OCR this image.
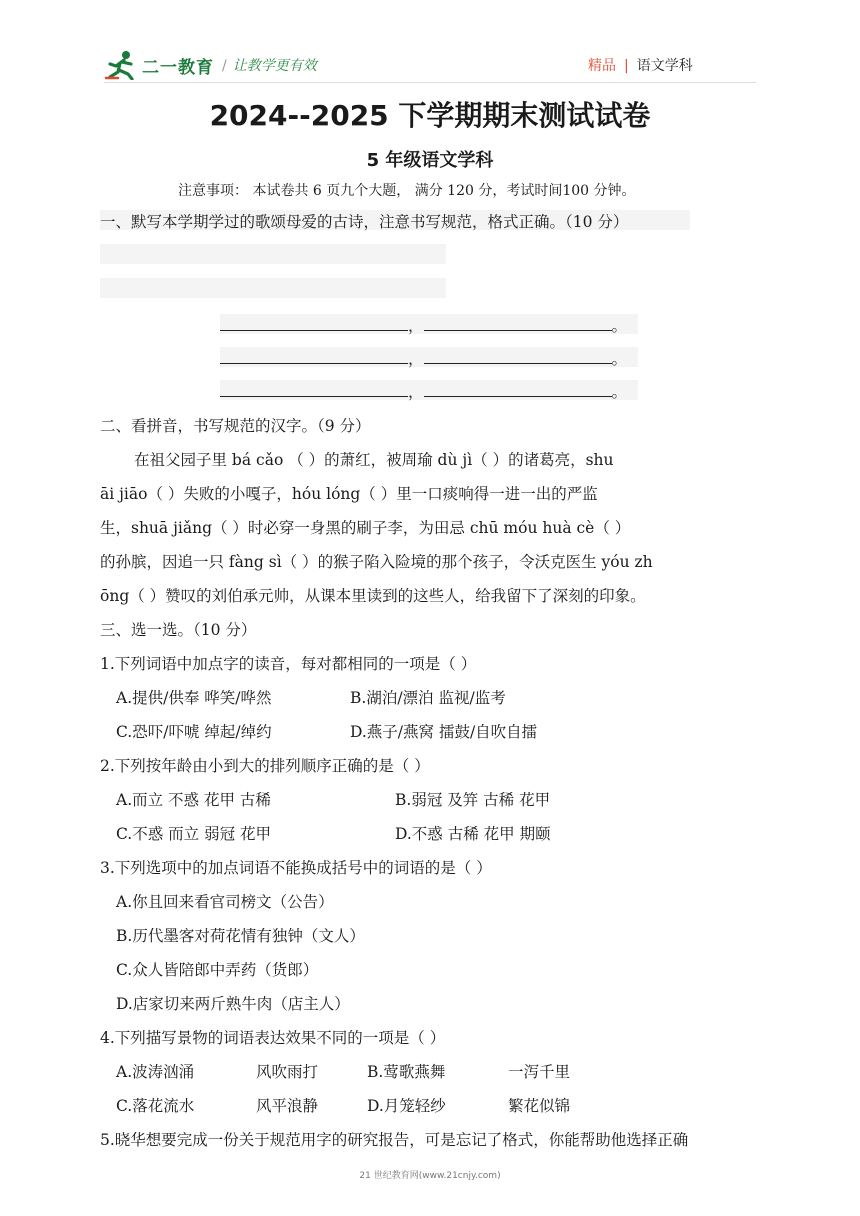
二一教育 / 让教学更有效	精品 | 语文学科
2024--2025 下学期期末测试试卷
5 年级语文学科
注意事项： 本试卷共 6 页九个大题， 满分 120 分，考试时间100 分钟。
一、默写本学期学过的歌颂母爱的古诗，注意书写规范，格式正确。（10 分）
，	。
，	。
，	。
二、看拼音，书写规范的汉字。（9 分）
在祖父园子里 bá cǎo （ ）的萧红，被周瑜 dù jì（ ）的诸葛亮，shu
āi jiāo（ ）失败的小嘎子，hóu lóng（ ）里一口痰响得一进一出的严监
生，shuā jiǎng（ ）时必穿一身黑的刷子李，为田忌 chū móu huà cè（ ）
的孙膑，因追一只 fàng sì（ ）的猴子陷入险境的那个孩子，令沃克医生 yóu zh
ōng（ ）赞叹的刘伯承元帅，从课本里读到的这些人，给我留下了深刻的印象。
三、选一选。（10 分）
1.下列词语中加点字的读音，每对都相同的一项是（ ）
A.提供/供奉 哗笑/哗然	B.湖泊/漂泊 监视/监考
C.恐吓/吓唬 绰起/绰约	D.燕子/燕窝 擂鼓/自吹自擂
2.下列按年龄由小到大的排列顺序正确的是（ ）
A.而立 不惑 花甲 古稀	B.弱冠 及笄 古稀 花甲
C.不惑 而立 弱冠 花甲	D.不惑 古稀 花甲 期颐
3.下列选项中的加点词语不能换成括号中的词语的是（ ）
A.你且回来看官司榜文（公告）
B.历代墨客对荷花情有独钟（文人）
C.众人皆陪郎中弄药（货郎）
D.店家切来两斤熟牛肉（店主人）
4.下列描写景物的词语表达效果不同的一项是（ ）
A.波涛汹涌	风吹雨打	B.莺歌燕舞	一泻千里
C.落花流水	风平浪静	D.月笼轻纱	繁花似锦
5.晓华想要完成一份关于规范用字的研究报告，可是忘记了格式，你能帮助他选择正确
21 世纪教育网(www.21cnjy.com)
